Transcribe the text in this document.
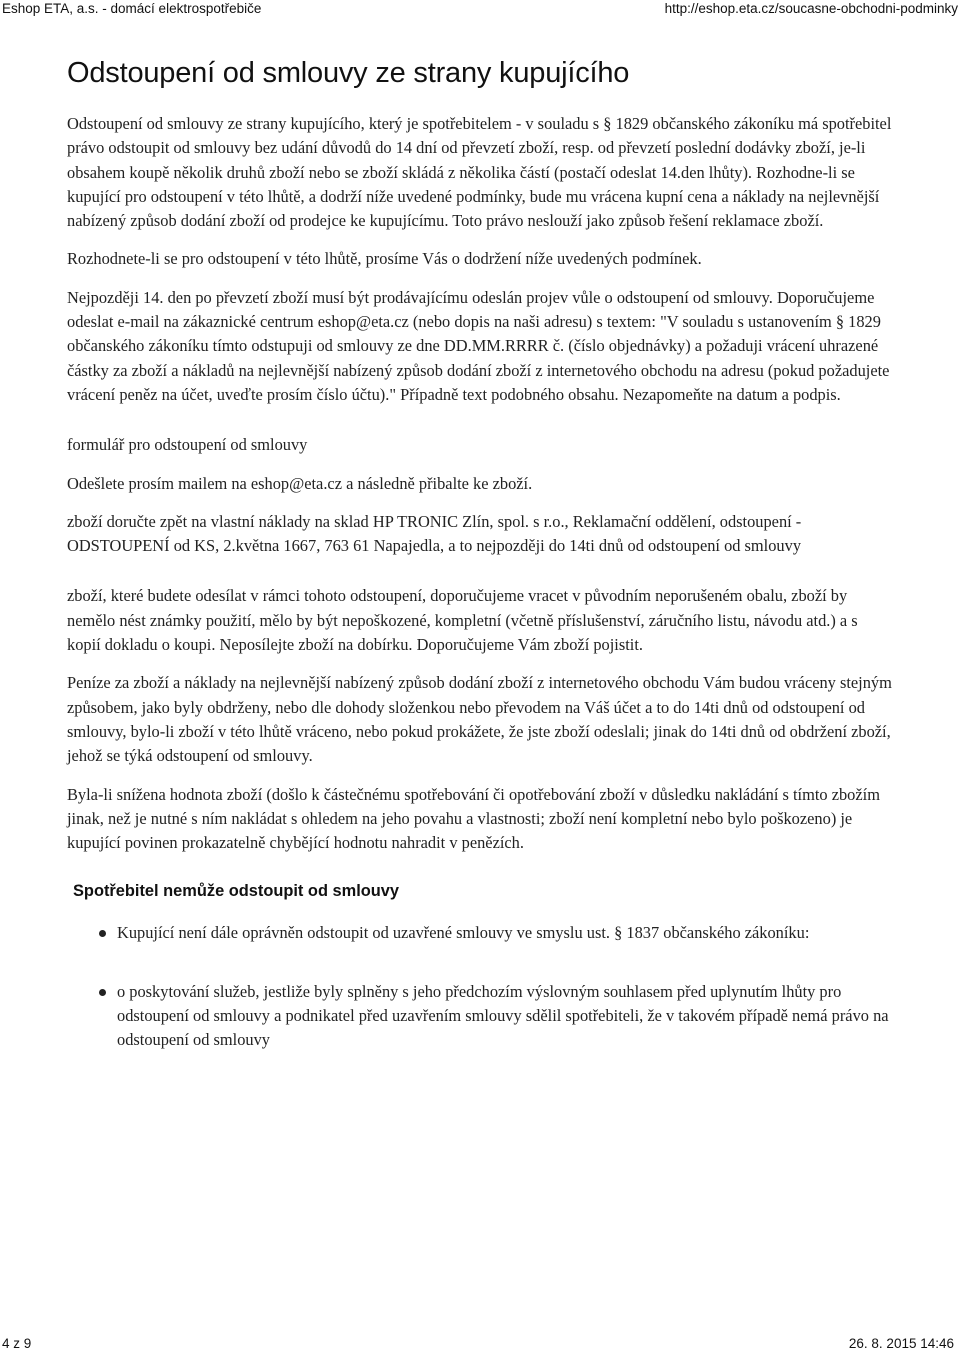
Eshop ETA, a.s. - domácí elektrospotřebiče	http://eshop.eta.cz/soucasne-obchodni-podminky
Odstoupení od smlouvy ze strany kupujícího

Odstoupení od smlouvy ze strany kupujícího, který je spotřebitelem - v souladu s § 1829 občanského zákoníku má spotřebitel právo odstoupit od smlouvy bez udání důvodů do 14 dní od převzetí zboží, resp. od převzetí poslední dodávky zboží, je-li obsahem koupě několik druhů zboží nebo se zboží skládá z několika částí (postačí odeslat 14.den lhůty). Rozhodne-li se kupující pro odstoupení v této lhůtě, a dodrží níže uvedené podmínky, bude mu vrácena kupní cena a náklady na nejlevnější nabízený způsob dodání zboží od prodejce ke kupujícímu. Toto právo neslouží jako způsob řešení reklamace zboží.

Rozhodnete-li se pro odstoupení v této lhůtě, prosíme Vás o dodržení níže uvedených podmínek.

Nejpozději 14. den po převzetí zboží musí být prodávajícímu odeslán projev vůle o odstoupení od smlouvy. Doporučujeme odeslat e-mail na zákaznické centrum eshop@eta.cz (nebo dopis na naši adresu) s textem: "V souladu s ustanovením § 1829 občanského zákoníku tímto odstupuji od smlouvy ze dne DD.MM.RRRR č. (číslo objednávky) a požaduji vrácení uhrazené částky za zboží a nákladů na nejlevnější nabízený způsob dodání zboží z internetového obchodu na adresu (pokud požadujete vrácení peněz na účet, uveďte prosím číslo účtu)." Případně text podobného obsahu. Nezapomeňte na datum a podpis.

formulář pro odstoupení od smlouvy

Odešlete prosím mailem na eshop@eta.cz a následně přibalte ke zboží.

zboží doručte zpět na vlastní náklady na sklad HP TRONIC Zlín, spol. s r.o., Reklamační oddělení, odstoupení - ODSTOUPENÍ od KS, 2.května 1667, 763 61 Napajedla, a to nejpozději do 14ti dnů od odstoupení od smlouvy

zboží, které budete odesílat v rámci tohoto odstoupení, doporučujeme vracet v původním neporušeném obalu, zboží by nemělo nést známky použití, mělo by být nepoškozené, kompletní (včetně příslušenství, záručního listu, návodu atd.) a s kopií dokladu o koupi. Neposílejte zboží na dobírku. Doporučujeme Vám zboží pojistit.

Peníze za zboží a náklady na nejlevnější nabízený způsob dodání zboží z internetového obchodu Vám budou vráceny stejným způsobem, jako byly obdrženy, nebo dle dohody složenkou nebo převodem na Váš účet a to do 14ti dnů od odstoupení od smlouvy, bylo-li zboží v této lhůtě vráceno, nebo pokud prokážete, že jste zboží odeslali; jinak do 14ti dnů od obdržení zboží, jehož se týká odstoupení od smlouvy.

Byla-li snížena hodnota zboží (došlo k částečnému spotřebování či opotřebování zboží v důsledku nakládání s tímto zbožím jinak, než je nutné s ním nakládat s ohledem na jeho povahu a vlastnosti; zboží není kompletní nebo bylo poškozeno) je kupující povinen prokazatelně chybějící hodnotu nahradit v penězích.

Spotřebitel nemůže odstoupit od smlouvy
Kupující není dále oprávněn odstoupit od uzavřené smlouvy ve smyslu ust. § 1837 občanského zákoníku:
o poskytování služeb, jestliže byly splněny s jeho předchozím výslovným souhlasem před uplynutím lhůty pro odstoupení od smlouvy a podnikatel před uzavřením smlouvy sdělil spotřebiteli, že v takovém případě nemá právo na odstoupení od smlouvy
4 z 9	26. 8. 2015 14:46
